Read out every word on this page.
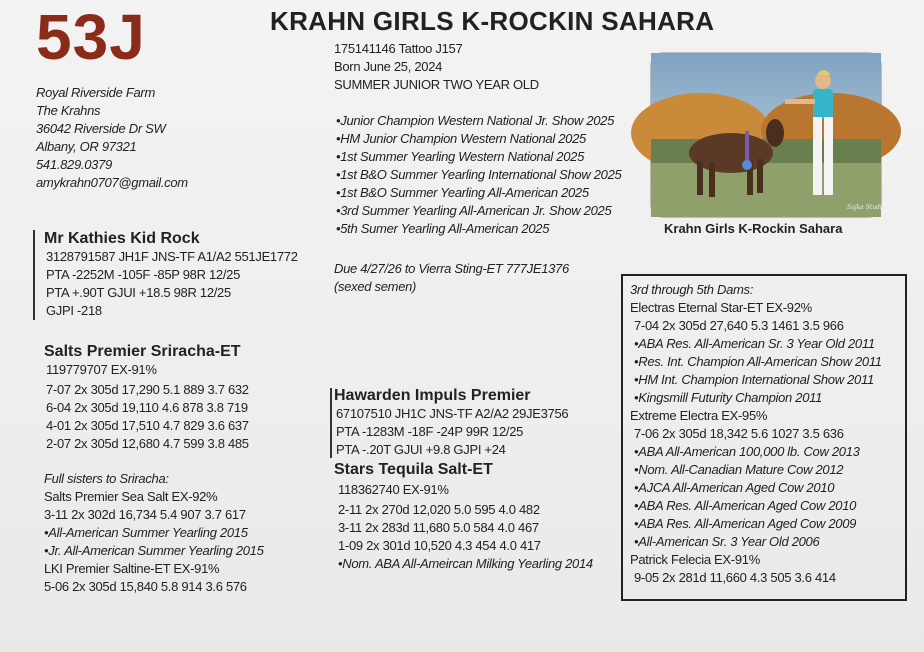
53J	KRAHN GIRLS K-ROCKIN SAHARA
175141146 Tattoo J157
Born June 25, 2024
SUMMER JUNIOR TWO YEAR OLD
•Junior Champion Western National Jr. Show 2025
•HM Junior Champion Western National 2025
•1st Summer Yearling Western National 2025
•1st B&O Summer Yearling International Show 2025
•1st B&O Summer Yearling All-American 2025
•3rd Summer Yearling All-American Jr. Show 2025
•5th Sumer Yearling All-American 2025
Due 4/27/26 to Vierra Sting-ET 777JE1376
(sexed semen)
Royal Riverside Farm
The Krahns
36042 Riverside Dr SW
Albany, OR 97321
541.829.0379
amykrahn0707@gmail.com
Mr Kathies Kid Rock
3128791587 JH1F JNS-TF A1/A2 551JE1772
PTA -2252M -105F -85P 98R 12/25
PTA +.90T GJUI +18.5 98R 12/25
GJPI -218
Salts Premier Sriracha-ET
119779707 EX-91%
7-07 2x 305d 17,290 5.1 889 3.7 632
6-04 2x 305d 19,110 4.6 878 3.8 719
4-01 2x 305d 17,510 4.7 829 3.6 637
2-07 2x 305d 12,680 4.7 599 3.8 485
Full sisters to Sriracha:
Salts Premier Sea Salt EX-92%
3-11 2x 302d 16,734 5.4 907 3.7 617
•All-American Summer Yearling 2015
•Jr. All-American Summer Yearling 2015
LKI Premier Saltine-ET EX-91%
5-06 2x 305d 15,840 5.8 914 3.6 576
Hawarden Impuls Premier
67107510 JH1C JNS-TF A2/A2 29JE3756
PTA -1283M -18F -24P 99R 12/25
PTA -.20T GJUI +9.8 GJPI +24
Stars Tequila Salt-ET
118362740 EX-91%
2-11 2x 270d 12,020 5.0 595 4.0 482
3-11 2x 283d 11,680 5.0 584 4.0 467
1-09 2x 301d 10,520 4.3 454 4.0 417
•Nom. ABA All-Ameircan Milking Yearling 2014
Sajka Studios
Krahn Girls K-Rockin Sahara
3rd through 5th Dams:
Electras Eternal Star-ET EX-92%
7-04 2x 305d 27,640 5.3 1461 3.5 966
•ABA Res. All-American Sr. 3 Year Old 2011
•Res. Int. Champion All-American Show 2011
•HM Int. Champion International Show 2011
•Kingsmill Futurity Champion 2011
Extreme Electra EX-95%
7-06 2x 305d 18,342 5.6 1027 3.5 636
•ABA All-American 100,000 lb. Cow 2013
•Nom. All-Canadian Mature Cow 2012
•AJCA All-American Aged Cow 2010
•ABA Res. All-American Aged Cow 2010
•ABA Res. All-American Aged Cow 2009
•All-American Sr. 3 Year Old 2006
Patrick Felecia EX-91%
9-05 2x 281d 11,660 4.3 505 3.6 414
